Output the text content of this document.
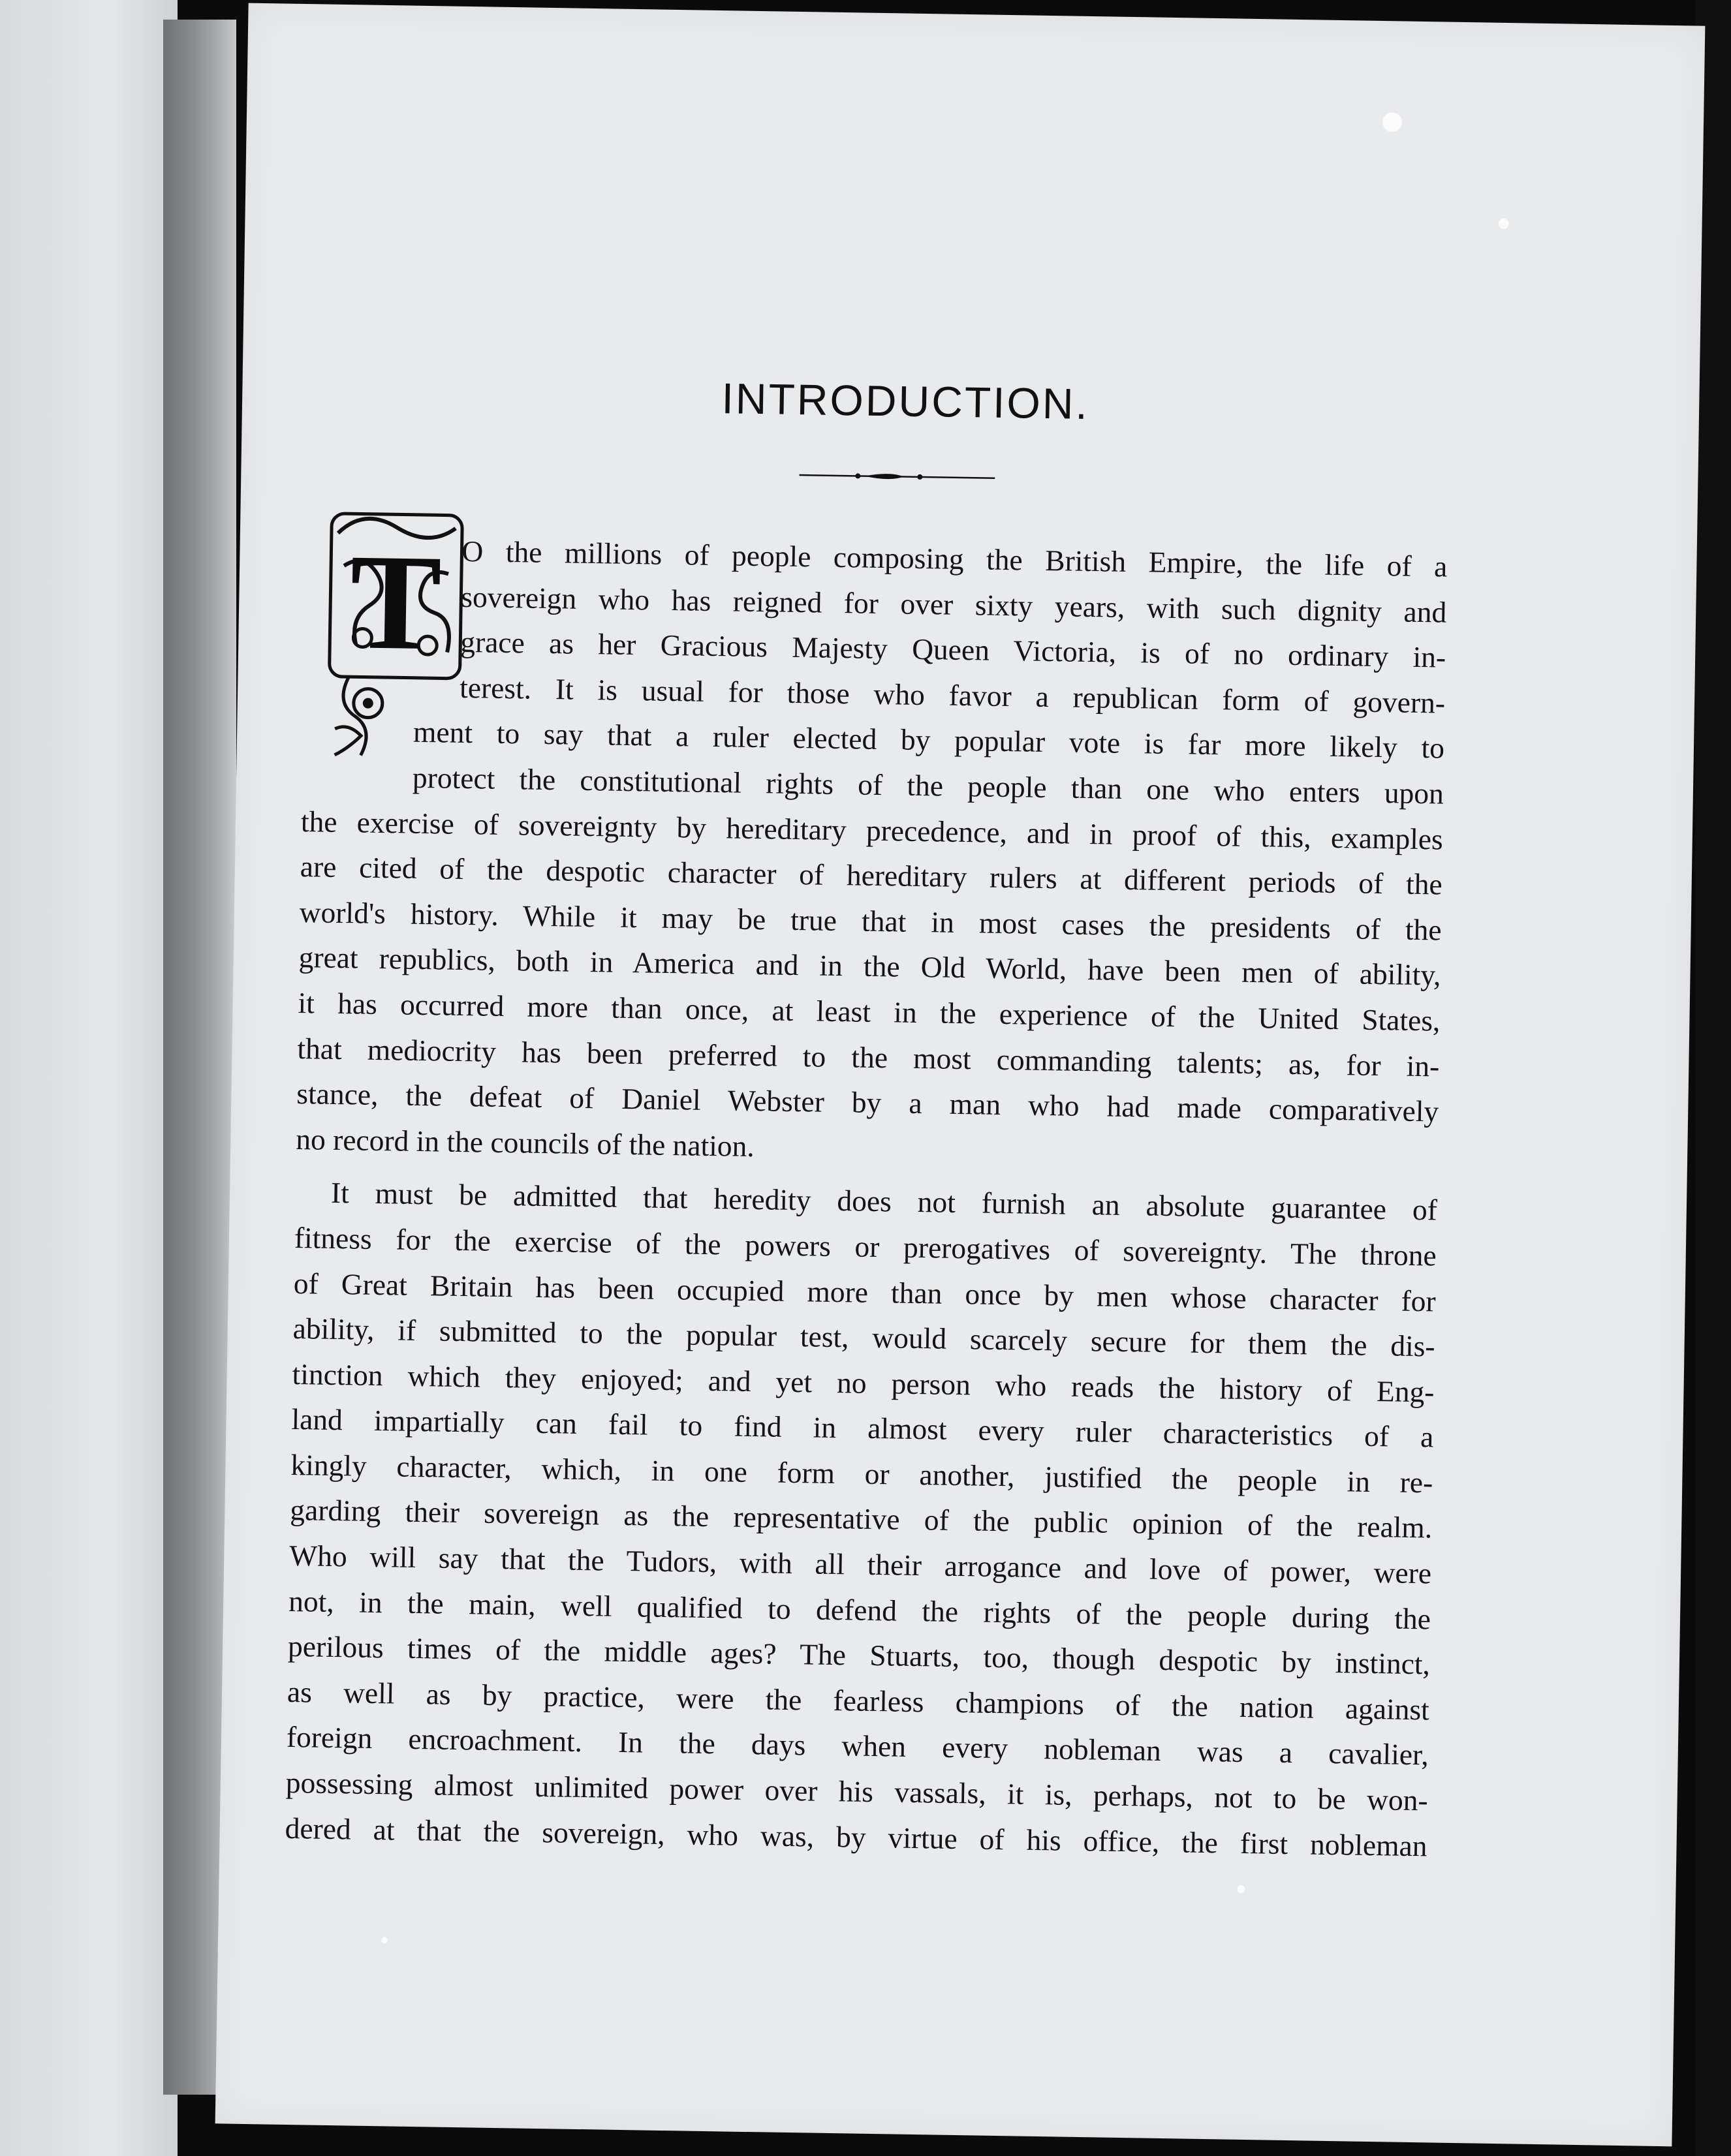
INTRODUCTION.
T O the millions of people composing the British Empire, the life of a
sovereign who has reigned for over sixty years, with such dignity and
grace as her Gracious Majesty Queen Victoria, is of no ordinary in-
terest. It is usual for those who favor a republican form of govern-
ment to say that a ruler elected by popular vote is far more likely to
protect the constitutional rights of the people than one who enters upon
the exercise of sovereignty by hereditary precedence, and in proof of this, examples
are cited of the despotic character of hereditary rulers at different periods of the
world's history. While it may be true that in most cases the presidents of the
great republics, both in America and in the Old World, have been men of ability,
it has occurred more than once, at least in the experience of the United States,
that mediocrity has been preferred to the most commanding talents; as, for in-
stance, the defeat of Daniel Webster by a man who had made comparatively
no record in the councils of the nation.
It must be admitted that heredity does not furnish an absolute guarantee of
fitness for the exercise of the powers or prerogatives of sovereignty. The throne
of Great Britain has been occupied more than once by men whose character for
ability, if submitted to the popular test, would scarcely secure for them the dis-
tinction which they enjoyed; and yet no person who reads the history of Eng-
land impartially can fail to find in almost every ruler characteristics of a
kingly character, which, in one form or another, justified the people in re-
garding their sovereign as the representative of the public opinion of the realm.
Who will say that the Tudors, with all their arrogance and love of power, were
not, in the main, well qualified to defend the rights of the people during the
perilous times of the middle ages? The Stuarts, too, though despotic by instinct,
as well as by practice, were the fearless champions of the nation against
foreign encroachment. In the days when every nobleman was a cavalier,
possessing almost unlimited power over his vassals, it is, perhaps, not to be won-
dered at that the sovereign, who was, by virtue of his office, the first nobleman
